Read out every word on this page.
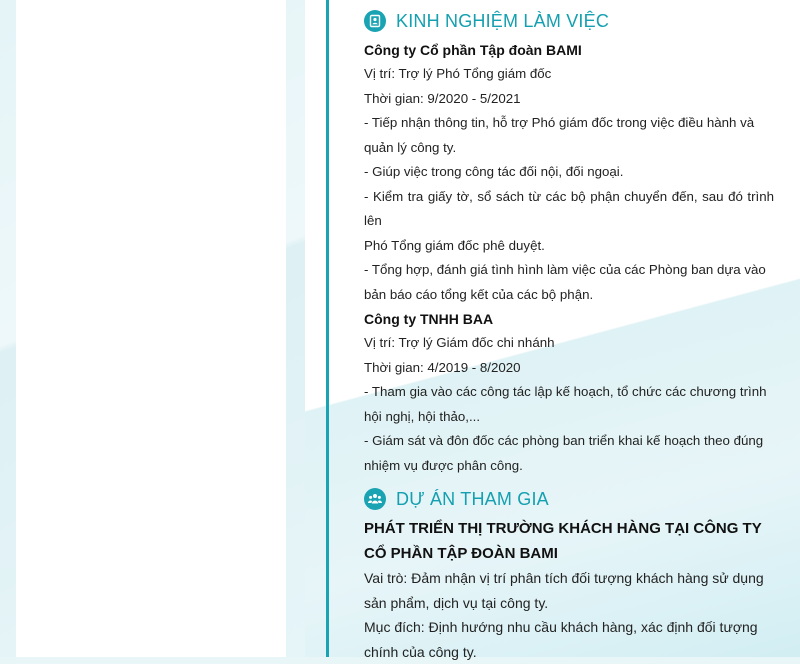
KINH NGHIỆM LÀM VIỆC
Công ty Cổ phần Tập đoàn BAMI
Vị trí: Trợ lý Phó Tổng giám đốc
Thời gian: 9/2020 - 5/2021
- Tiếp nhận thông tin, hỗ trợ Phó giám đốc trong việc điều hành và
quản lý công ty.
- Giúp việc trong công tác đối nội, đối ngoại.
- Kiểm tra giấy tờ, sổ sách từ các bộ phận chuyển đến, sau đó trình lên
Phó Tổng giám đốc phê duyệt.
- Tổng hợp, đánh giá tình hình làm việc của các Phòng ban dựa vào
bản báo cáo tổng kết của các bộ phận.
Công ty TNHH BAA
Vị trí: Trợ lý Giám đốc chi nhánh
Thời gian: 4/2019 - 8/2020
- Tham gia vào các công tác lập kế hoạch, tổ chức các chương trình
hội nghị, hội thảo,...
- Giám sát và đôn đốc các phòng ban triển khai kế hoạch theo đúng
nhiệm vụ được phân công.
DỰ ÁN THAM GIA
PHÁT TRIỂN THỊ TRƯỜNG KHÁCH HÀNG TẠI CÔNG TY
CỔ PHẦN TẬP ĐOÀN BAMI
Vai trò: Đảm nhận vị trí phân tích đối tượng khách hàng sử dụng
sản phẩm, dịch vụ tại công ty.
Mục đích: Định hướng nhu cầu khách hàng, xác định đối tượng
chính của công ty.
